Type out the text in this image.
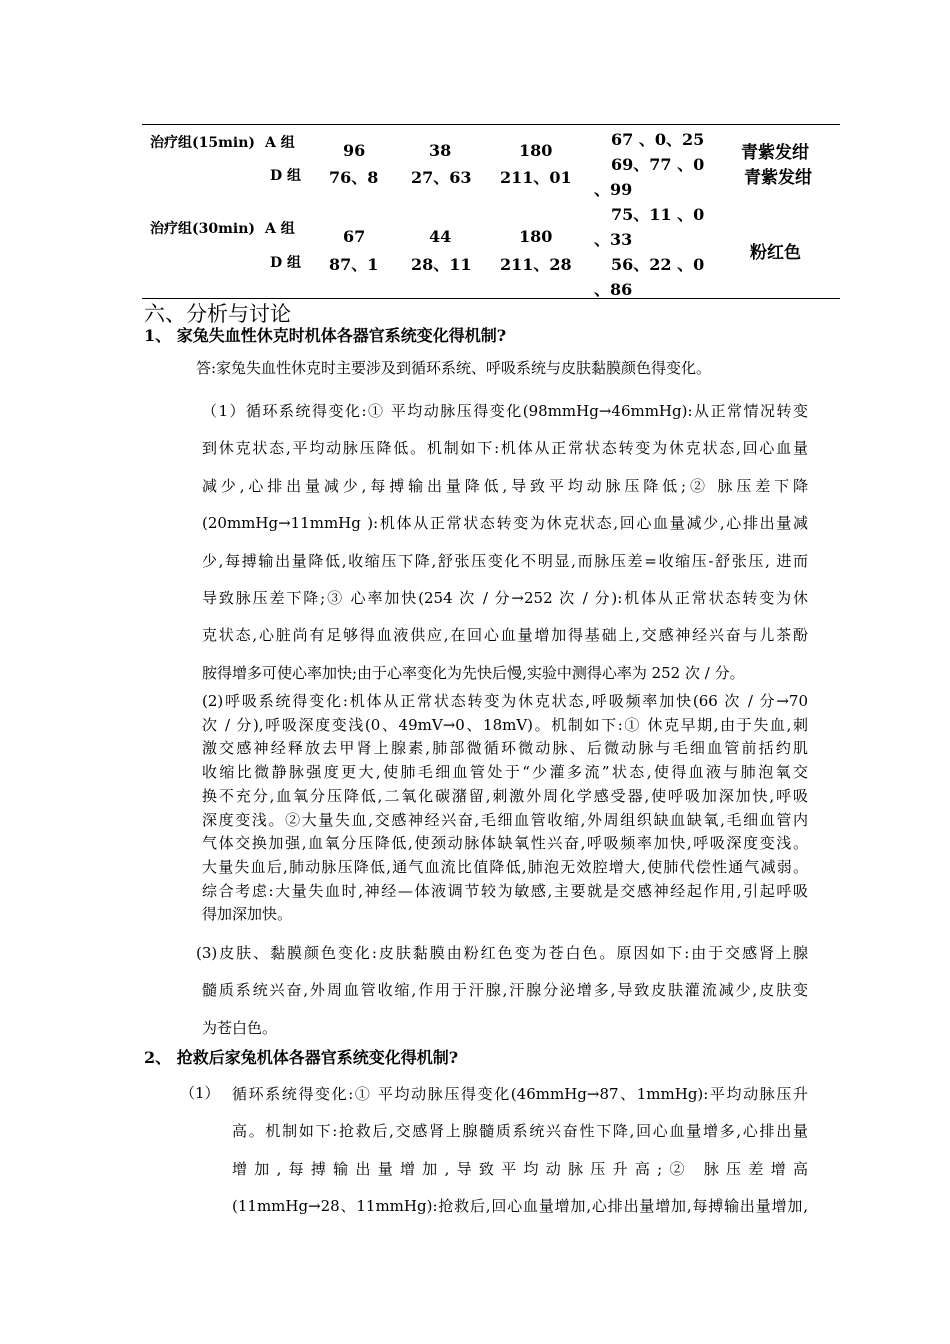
治疗组(15min) A 组
D 组
96
76、8
38
27、63
180
211、01
67 、0、25
69、77 、0
、99
青紫发绀
青紫发绀
治疗组(30min) A 组
D 组
67
87、1
44
28、11
180
211、28
75、11 、0
、33
56、22 、0
、86
粉红色
六、分析与讨论
1、 家兔失血性休克时机体各器官系统变化得机制?
答:家兔失血性休克时主要涉及到循环系统、呼吸系统与皮肤黏膜颜色得变化。
（1）循环系统得变化:① 平均动脉压得变化(98mmHg→46mmHg):从正常情况转变
到休克状态,平均动脉压降低。机制如下:机体从正常状态转变为休克状态,回心血量
减少,心排出量减少,每搏输出量降低,导致平均动脉压降低;② 脉压差下降
(20mmHg→11mmHg ):机体从正常状态转变为休克状态,回心血量减少,心排出量减
少,每搏输出量降低,收缩压下降,舒张压变化不明显,而脉压差=收缩压-舒张压, 进而
导致脉压差下降;③ 心率加快(254 次 / 分→252 次 / 分):机体从正常状态转变为休
克状态,心脏尚有足够得血液供应,在回心血量增加得基础上,交感神经兴奋与儿茶酚
胺得增多可使心率加快;由于心率变化为先快后慢,实验中测得心率为 252 次 / 分。
(2)呼吸系统得变化:机体从正常状态转变为休克状态,呼吸频率加快(66 次 / 分→70
次 / 分),呼吸深度变浅(0、49mV→0、18mV)。机制如下:① 休克早期,由于失血,刺
激交感神经释放去甲肾上腺素,肺部微循环微动脉、后微动脉与毛细血管前括约肌
收缩比微静脉强度更大,使肺毛细血管处于“少灌多流”状态,使得血液与肺泡氧交
换不充分,血氧分压降低,二氧化碳潴留,刺激外周化学感受器,使呼吸加深加快,呼吸
深度变浅。②大量失血,交感神经兴奋,毛细血管收缩,外周组织缺血缺氧,毛细血管内
气体交换加强,血氧分压降低,使颈动脉体缺氧性兴奋,呼吸频率加快,呼吸深度变浅。
大量失血后,肺动脉压降低,通气血流比值降低,肺泡无效腔增大,使肺代偿性通气减弱。
综合考虑:大量失血时,神经—体液调节较为敏感,主要就是交感神经起作用,引起呼吸
得加深加快。
(3)皮肤、黏膜颜色变化:皮肤黏膜由粉红色变为苍白色。原因如下:由于交感肾上腺
髓质系统兴奋,外周血管收缩,作用于汗腺,汗腺分泌增多,导致皮肤灌流减少,皮肤变
为苍白色。
2、 抢救后家兔机体各器官系统变化得机制?
（1） 循环系统得变化:① 平均动脉压得变化(46mmHg→87、1mmHg):平均动脉压升
高。机制如下:抢救后,交感肾上腺髓质系统兴奋性下降,回心血量增多,心排出量
增加,每搏输出量增加,导致平均动脉压升高;② 脉压差增高
(11mmHg→28、11mmHg):抢救后,回心血量增加,心排出量增加,每搏输出量增加,
